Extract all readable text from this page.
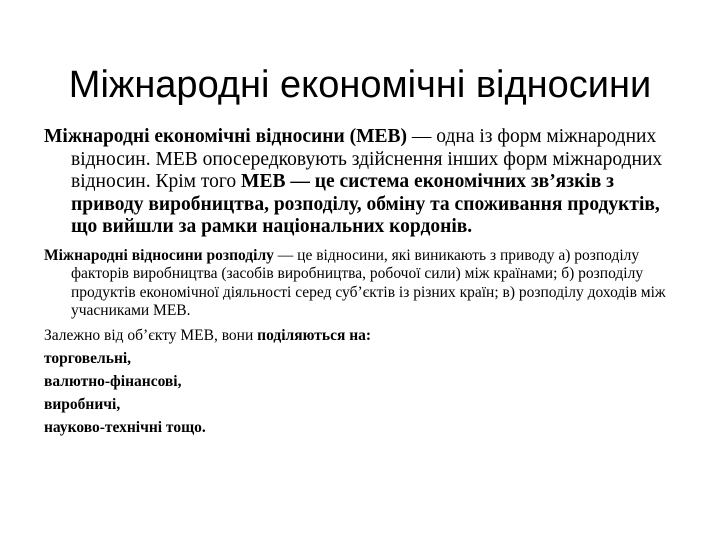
Міжнародні економічні відносини

Міжнародні економічні відносини (МЕВ) — одна із форм міжнародних відносин. МЕВ опосередковують здійснення інших форм міжнародних відносин. Крім того МЕВ — це система економічних зв’язків з приводу виробництва, розподілу, обміну та споживання продуктів, що вийшли за рамки національних кордонів.

Міжнародні відносини розподілу — це відносини, які виникають з приводу а) розподілу факторів виробництва (засобів виробництва, робочої сили) між країнами; б) розподілу продуктів економічної діяльності серед суб’єктів із різних країн; в) розподілу доходів між учасниками МЕВ.

Залежно від об’єкту МЕВ, вони поділяються на:

торговельні,

валютно-фінансові,

виробничі,

науково-технічні тощо.
